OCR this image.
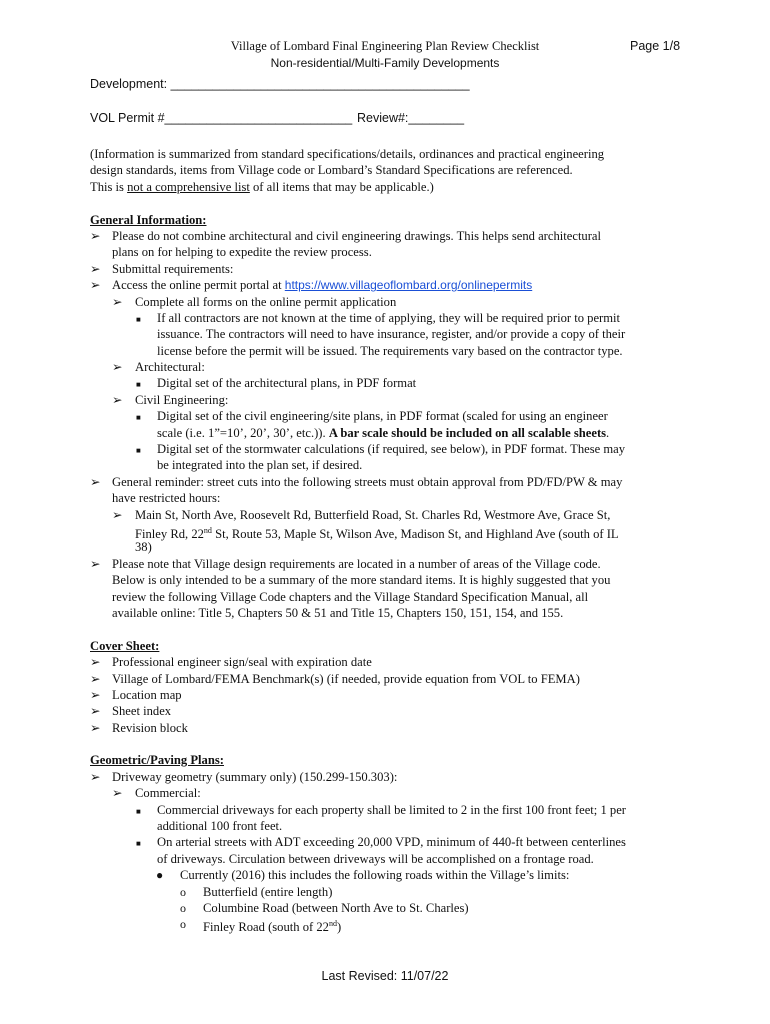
Village of Lombard Final Engineering Plan Review Checklist	Page 1/8
Non-residential/Multi-Family Developments
Development: ___________________________________________
VOL Permit #___________________________ Review#:________
(Information is summarized from standard specifications/details, ordinances and practical engineering
design standards, items from Village code or Lombard’s Standard Specifications are referenced.
This is not a comprehensive list of all items that may be applicable.)
General Information:
➢ Please do not combine architectural and civil engineering drawings. This helps send architectural
plans on for helping to expedite the review process.
➢ Submittal requirements:
➢ Access the online permit portal at https://www.villageoflombard.org/onlinepermits
➢ Complete all forms on the online permit application
■	If all contractors are not known at the time of applying, they will be required prior to permit
issuance. The contractors will need to have insurance, register, and/or provide a copy of their
license before the permit will be issued. The requirements vary based on the contractor type.
➢ Architectural:
■	Digital set of the architectural plans, in PDF format
➢ Civil Engineering:
■	Digital set of the civil engineering/site plans, in PDF format (scaled for using an engineer
scale (i.e. 1”=10’, 20’, 30’, etc.)). A bar scale should be included on all scalable sheets.
■	Digital set of the stormwater calculations (if required, see below), in PDF format. These may
be integrated into the plan set, if desired.
➢ General reminder: street cuts into the following streets must obtain approval from PD/FD/PW & may
have restricted hours:
➢ Main St, North Ave, Roosevelt Rd, Butterfield Road, St. Charles Rd, Westmore Ave, Grace St,
Finley Rd, 22nd St, Route 53, Maple St, Wilson Ave, Madison St, and Highland Ave (south of IL
38)
➢ Please note that Village design requirements are located in a number of areas of the Village code.
Below is only intended to be a summary of the more standard items. It is highly suggested that you
review the following Village Code chapters and the Village Standard Specification Manual, all
available online: Title 5, Chapters 50 & 51 and Title 15, Chapters 150, 151, 154, and 155.
Cover Sheet:
➢ Professional engineer sign/seal with expiration date
➢ Village of Lombard/FEMA Benchmark(s) (if needed, provide equation from VOL to FEMA)
➢ Location map
➢ Sheet index
➢ Revision block
Geometric/Paving Plans:
➢ Driveway geometry (summary only) (150.299-150.303):
➢ Commercial:
■	Commercial driveways for each property shall be limited to 2 in the first 100 front feet; 1 per
additional 100 front feet.
■	On arterial streets with ADT exceeding 20,000 VPD, minimum of 440-ft between centerlines
of driveways. Circulation between driveways will be accomplished on a frontage road.
●	Currently (2016) this includes the following roads within the Village’s limits:
o	Butterfield (entire length)
o	Columbine Road (between North Ave to St. Charles)
o	Finley Road (south of 22nd)
Last Revised: 11/07/22
